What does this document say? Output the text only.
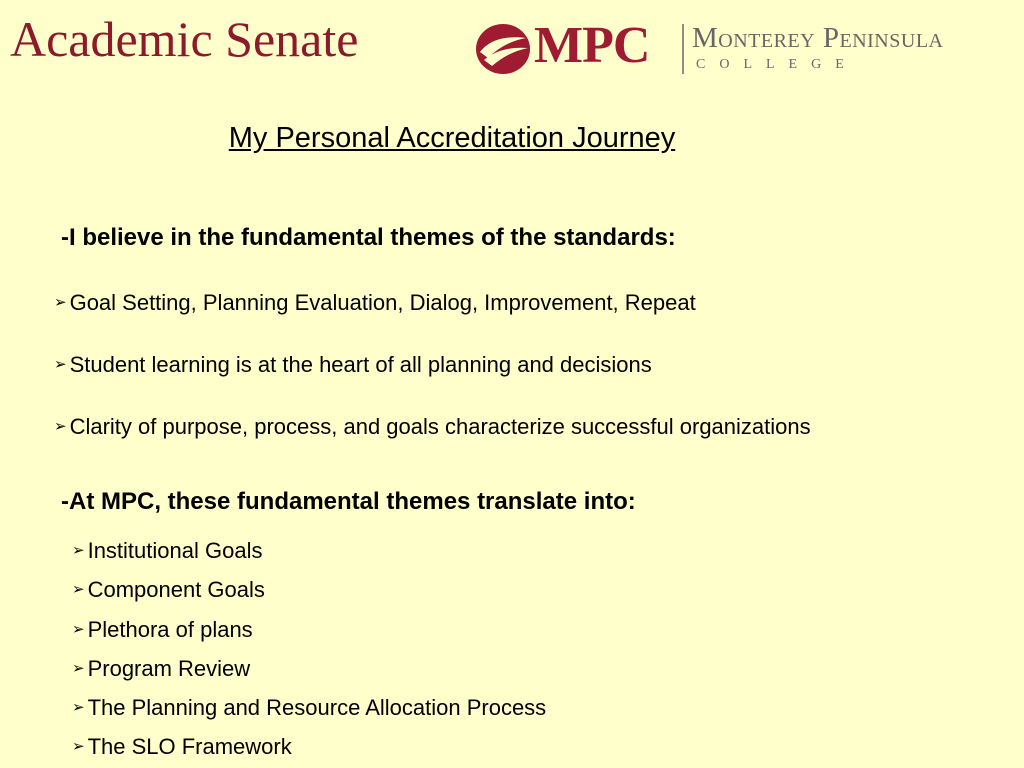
Academic Senate	MPC Monterey Peninsula
COLLEGE
My Personal Accreditation Journey

-I believe in the fundamental themes of the standards:

➢ Goal Setting, Planning Evaluation, Dialog, Improvement, Repeat

➢ Student learning is at the heart of all planning and decisions

➢ Clarity of purpose, process, and goals characterize successful organizations

-At MPC, these fundamental themes translate into:

➢ Institutional Goals

➢ Component Goals

➢ Plethora of plans

➢ Program Review

➢ The Planning and Resource Allocation Process

➢ The SLO Framework
